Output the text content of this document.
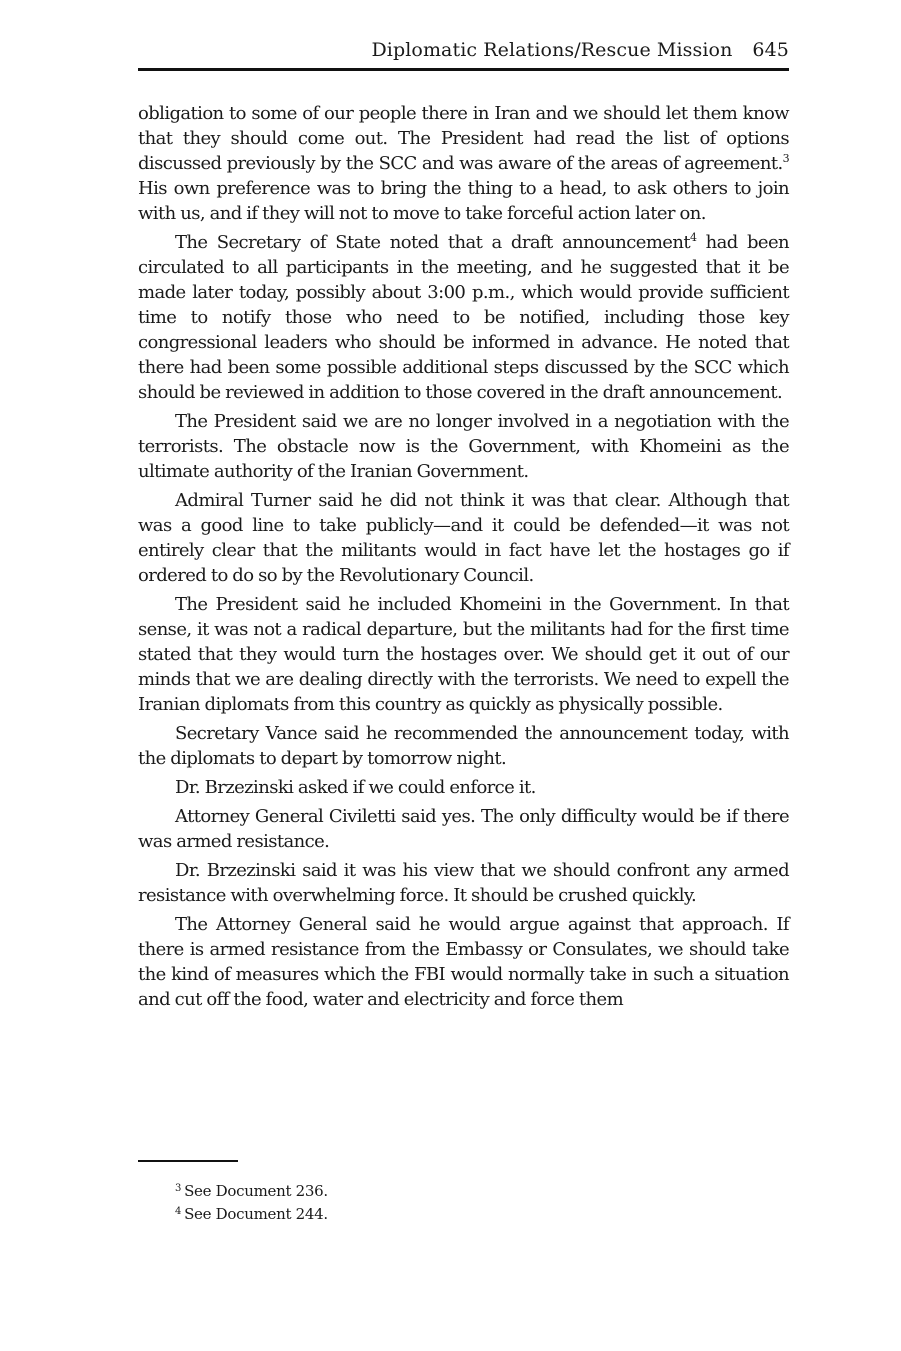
Diplomatic Relations/Rescue Mission 645

obligation to some of our people there in Iran and we should let them know that they should come out. The President had read the list of options discussed previously by the SCC and was aware of the areas of agreement.$^3$ His own preference was to bring the thing to a head, to ask others to join with us, and if they will not to move to take forceful action later on.

The Secretary of State noted that a draft announcement$^4$ had been circulated to all participants in the meeting, and he suggested that it be made later today, possibly about 3:00 p.m., which would provide sufficient time to notify those who need to be notified, including those key congressional leaders who should be informed in advance. He noted that there had been some possible additional steps discussed by the SCC which should be reviewed in addition to those covered in the draft announcement.

The President said we are no longer involved in a negotiation with the terrorists. The obstacle now is the Government, with Khomeini as the ultimate authority of the Iranian Government.

Admiral Turner said he did not think it was that clear. Although that was a good line to take publicly—and it could be defended—it was not entirely clear that the militants would in fact have let the hostages go if ordered to do so by the Revolutionary Council.

The President said he included Khomeini in the Government. In that sense, it was not a radical departure, but the militants had for the first time stated that they would turn the hostages over. We should get it out of our minds that we are dealing directly with the terrorists. We need to expell the Iranian diplomats from this country as quickly as physically possible.

Secretary Vance said he recommended the announcement today, with the diplomats to depart by tomorrow night.

Dr. Brzezinski asked if we could enforce it.

Attorney General Civiletti said yes. The only difficulty would be if there was armed resistance.

Dr. Brzezinski said it was his view that we should confront any armed resistance with overwhelming force. It should be crushed quickly.

The Attorney General said he would argue against that approach. If there is armed resistance from the Embassy or Consulates, we should take the kind of measures which the FBI would normally take in such a situation and cut off the food, water and electricity and force them

$^3$ See Document 236.
$^4$ See Document 244.
